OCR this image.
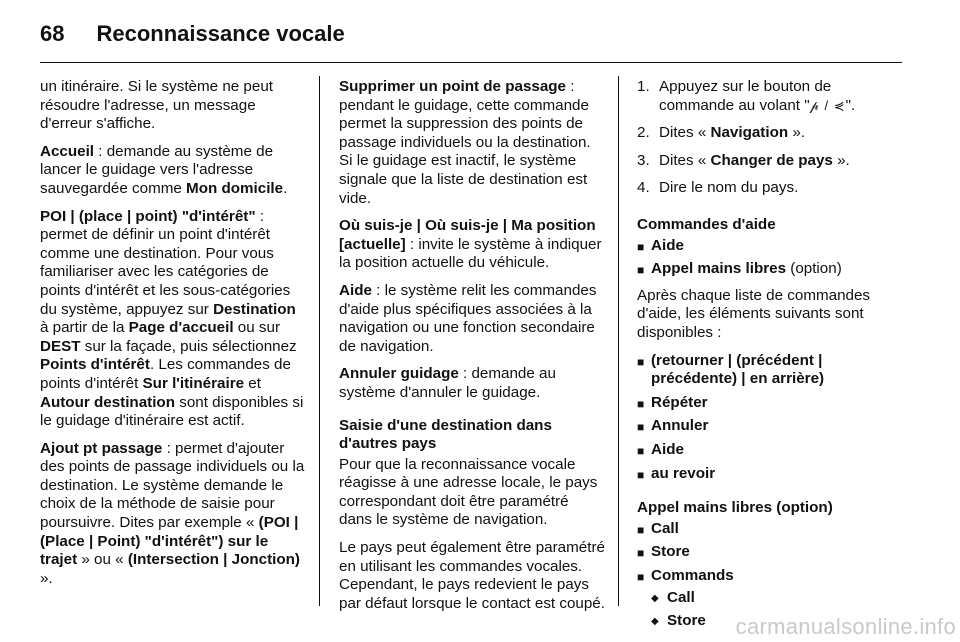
68 Reconnaissance vocale

un itinéraire. Si le système ne peut résoudre l'adresse, un message d'erreur s'affiche.

Accueil : demande au système de lancer le guidage vers l'adresse sauvegardée comme Mon domicile.

POI | (place | point) "d'intérêt" : permet de définir un point d'intérêt comme une destination. Pour vous familiariser avec les catégories de points d'intérêt et les sous-catégories du système, appuyez sur Destination à partir de la Page d'accueil ou sur DEST sur la façade, puis sélectionnez Points d'intérêt. Les commandes de points d'intérêt Sur l'itinéraire et Autour destination sont disponibles si le guidage d'itinéraire est actif.

Ajout pt passage : permet d'ajouter des points de passage individuels ou la destination. Le système demande le choix de la méthode de saisie pour poursuivre. Dites par exemple « (POI | (Place | Point) "d'intérêt") sur le trajet » ou « (Intersection | Jonction) ».

Supprimer un point de passage : pendant le guidage, cette commande permet la suppression des points de passage individuels ou la destination. Si le guidage est inactif, le système signale que la liste de destination est vide.

Où suis-je | Où suis-je | Ma position [actuelle] : invite le système à indiquer la position actuelle du véhicule.

Aide : le système relit les commandes d'aide plus spécifiques associées à la navigation ou une fonction secondaire de navigation.

Annuler guidage : demande au système d'annuler le guidage.

Saisie d'une destination dans d'autres pays

Pour que la reconnaissance vocale réagisse à une adresse locale, le pays correspondant doit être paramétré dans le système de navigation.

Le pays peut également être paramétré en utilisant les commandes vocales. Cependant, le pays redevient le pays par défaut lorsque le contact est coupé.

1. Appuyez sur le bouton de commande au volant "𝓅 / ⋞".
2. Dites « Navigation ».
3. Dites « Changer de pays ».
4. Dire le nom du pays.
Commandes d'aide
■ Aide
■ Appel mains libres (option)

Après chaque liste de commandes d'aide, les éléments suivants sont disponibles :

■ (retourner | (précédent | précédente) | en arrière)
■ Répéter
■ Annuler
■ Aide
■ au revoir
Appel mains libres (option)
■ Call
■ Store
■ Commands
◆ Call
◆ Store	carmanualsonline.info
